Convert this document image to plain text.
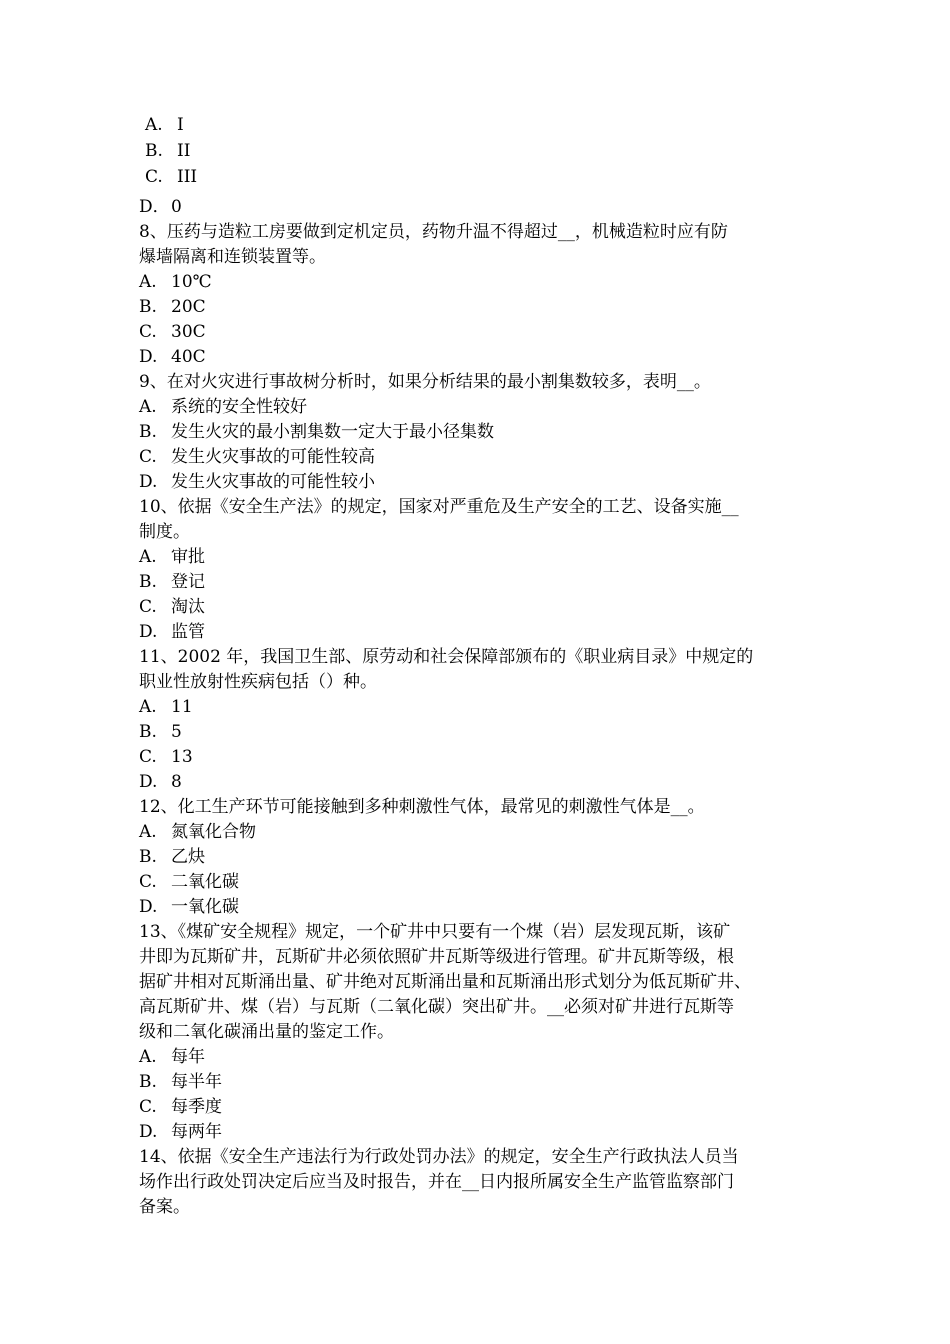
A. Ⅰ
B. II
C. III
D．0
8、压药与造粒工房要做到定机定员，药物升温不得超过__，机械造粒时应有防
爆墙隔离和连锁装置等。
A. 10℃
B. 20C
C. 30C
D. 40C
9、在对火灾进行事故树分析时，如果分析结果的最小割集数较多，表明__。
A. 系统的安全性较好
B. 发生火灾的最小割集数一定大于最小径集数
C. 发生火灾事故的可能性较高
D. 发生火灾事故的可能性较小
10、依据《安全生产法》的规定，国家对严重危及生产安全的工艺、设备实施__
制度。
A. 审批
B. 登记
C. 淘汰
D. 监管
11、2002 年，我国卫生部、原劳动和社会保障部颁布的《职业病目录》中规定的
职业性放射性疾病包括（）种。
A. 11
B. 5
C. 13
D. 8
12、化工生产环节可能接触到多种刺激性气体，最常见的刺激性气体是__。
A. 氮氧化合物
B. 乙炔
C. 二氧化碳
D. 一氧化碳
13、《煤矿安全规程》规定，一个矿井中只要有一个煤（岩）层发现瓦斯，该矿
井即为瓦斯矿井，瓦斯矿井必须依照矿井瓦斯等级进行管理。矿井瓦斯等级，根
据矿井相对瓦斯涌出量、矿井绝对瓦斯涌出量和瓦斯涌出形式划分为低瓦斯矿井、
高瓦斯矿井、煤（岩）与瓦斯（二氧化碳）突出矿井。__必须对矿井进行瓦斯等
级和二氧化碳涌出量的鉴定工作。
A. 每年
B. 每半年
C. 每季度
D. 每两年
14、依据《安全生产违法行为行政处罚办法》的规定，安全生产行政执法人员当
场作出行政处罚决定后应当及时报告，并在__日内报所属安全生产监管监察部门
备案。
